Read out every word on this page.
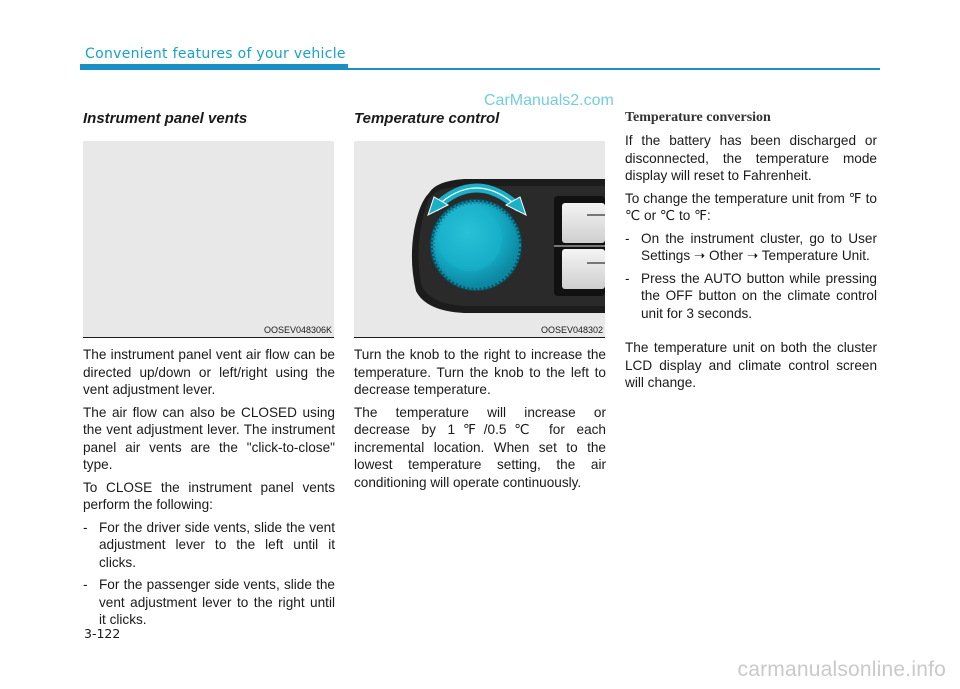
Convenient features of your vehicle
CarManuals2.com
Instrument panel vents
OOSEV048306K

The instrument panel vent air flow can be directed up/down or left/right using the vent adjustment lever.

The air flow can also be CLOSED using the vent adjustment lever. The instrument panel air vents are the "click-to-close" type.

To CLOSE the instrument panel vents perform the following:

- For the driver side vents, slide the vent adjustment lever to the left until it clicks.
- For the passenger side vents, slide the vent adjustment lever to the right until it clicks.
Temperature control
OOSEV048302

Turn the knob to the right to increase the temperature. Turn the knob to the left to decrease temperature.

The temperature will increase or decrease by 1℉/0.5℃ for each incremental location. When set to the lowest temperature setting, the air conditioning will operate continuously.

Temperature conversion

If the battery has been discharged or disconnected, the temperature mode display will reset to Fahrenheit.

To change the temperature unit from ℉ to ℃ or ℃ to ℉:

- On the instrument cluster, go to User Settings ➝ Other ➝ Temperature Unit.
- Press the AUTO button while pressing the OFF button on the climate control unit for 3 seconds.

The temperature unit on both the cluster LCD display and climate control screen will change.

3-122
carmanualsonline.info
